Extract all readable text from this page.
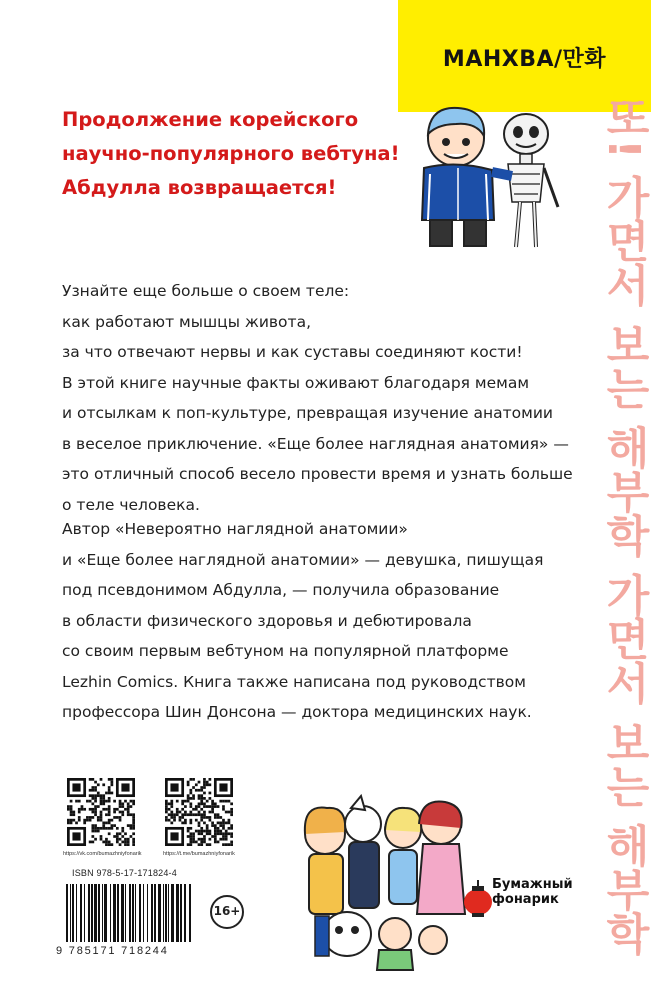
МАНХВА/만화
Продолжение корейского
научно-популярного вебтуна!
Абдулла возвращается!
Узнайте еще больше о своем теле:
как работают мышцы живота,
за что отвечают нервы и как суставы соединяют кости!
В этой книге научные факты оживают благодаря мемам
и отсылкам к поп-культуре, превращая изучение анатомии
в веселое приключение. «Еще более наглядная анатомия» —
это отличный способ весело провести время и узнать больше
о теле человека.
Автор «Невероятно наглядной анатомии»
и «Еще более наглядной анатомии» — девушка, пишущая
под псевдонимом Абдулла, — получила образование
в области физического здоровья и дебютировала
со своим первым вебтуном на популярной платформе
Lezhin Comics. Книга также написана под руководством
профессора Шин Донсона — доктора медицинских наук.	또! 가면서 보는 해부학 가면서 보는 해부학
https://vk.com/bumazhniyfonarik	https://t.me/bumazhniyfonarik
ISBN 978-5-17-171824-4
9 785171 718244
16+
Бумажный
фонарик
